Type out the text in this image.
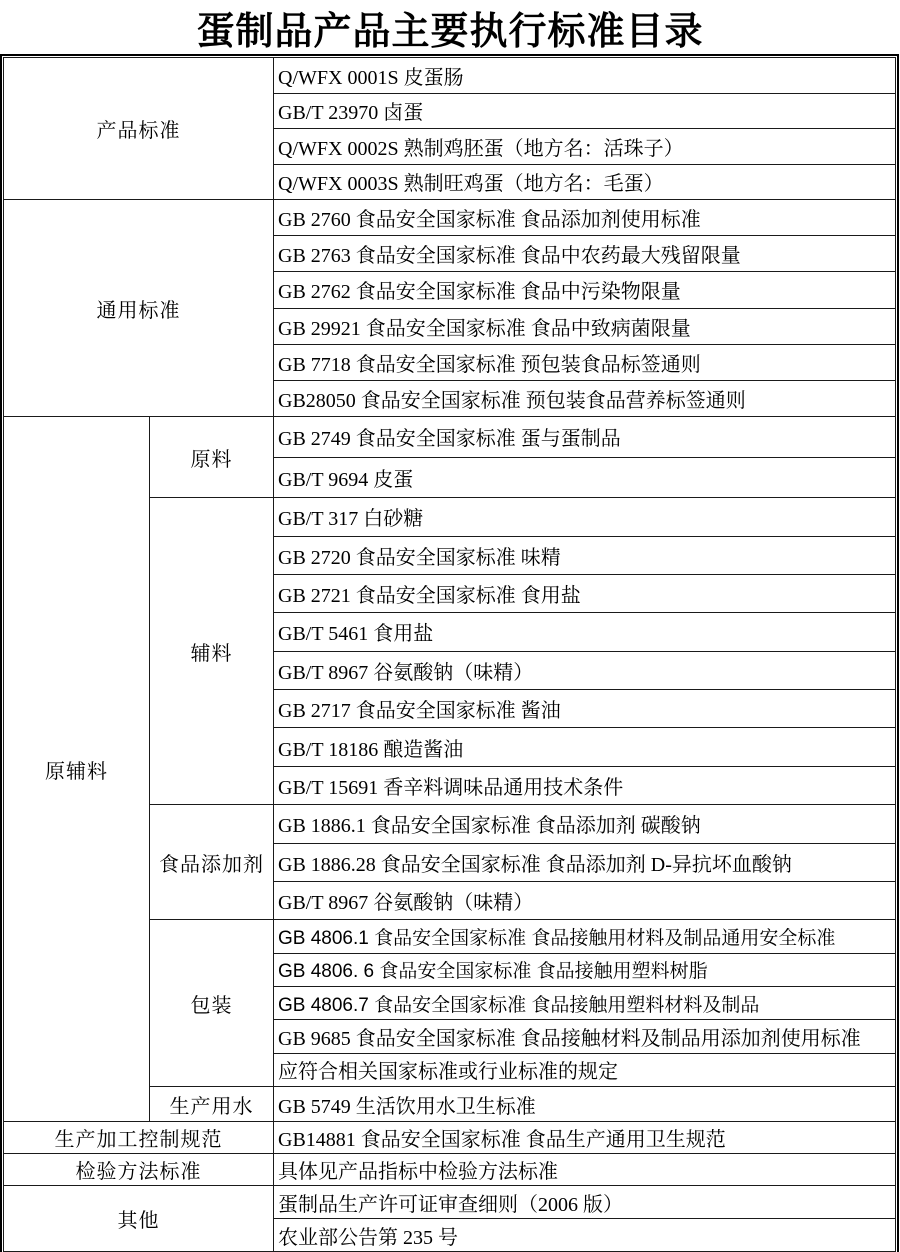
蛋制品产品主要执行标准目录
产品标准		Q/WFX 0001S 皮蛋肠
		GB/T 23970 卤蛋
		Q/WFX 0002S 熟制鸡胚蛋（地方名：活珠子）
		Q/WFX 0003S 熟制旺鸡蛋（地方名：毛蛋）
通用标准		GB 2760 食品安全国家标准 食品添加剂使用标准
		GB 2763 食品安全国家标准 食品中农药最大残留限量
		GB 2762 食品安全国家标准 食品中污染物限量
		GB 29921 食品安全国家标准 食品中致病菌限量
		GB 7718 食品安全国家标准 预包装食品标签通则
		GB28050 食品安全国家标准 预包装食品营养标签通则
原辅料	原料	GB 2749 食品安全国家标准 蛋与蛋制品
		GB/T 9694 皮蛋
	辅料	GB/T 317 白砂糖
		GB 2720 食品安全国家标准 味精
		GB 2721 食品安全国家标准 食用盐
		GB/T 5461 食用盐
		GB/T 8967 谷氨酸钠（味精）
		GB 2717 食品安全国家标准 酱油
		GB/T 18186 酿造酱油
		GB/T 15691 香辛料调味品通用技术条件
	食品添加剂	GB 1886.1 食品安全国家标准 食品添加剂 碳酸钠
		GB 1886.28 食品安全国家标准 食品添加剂 D-异抗坏血酸钠
		GB/T 8967 谷氨酸钠（味精）
	包装	GB 4806.1 食品安全国家标准 食品接触用材料及制品通用安全标准
		GB 4806. 6 食品安全国家标准 食品接触用塑料树脂
		GB 4806.7 食品安全国家标准 食品接触用塑料材料及制品
		GB 9685 食品安全国家标准 食品接触材料及制品用添加剂使用标准
		应符合相关国家标准或行业标准的规定
	生产用水	GB 5749 生活饮用水卫生标准
生产加工控制规范		GB14881 食品安全国家标准 食品生产通用卫生规范
检验方法标准		具体见产品指标中检验方法标准
其他		蛋制品生产许可证审查细则（2006 版）
		农业部公告第 235 号
